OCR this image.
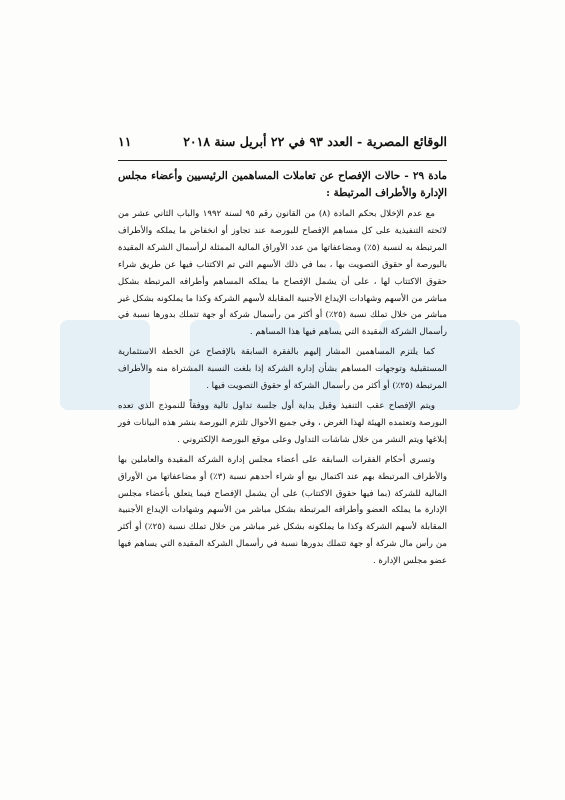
الوقائع المصرية - العدد ٩٣ في ٢٢ أبريل سنة ٢٠١٨
١١
مادة ٢٩ - حالات الإفصاح عن تعاملات المساهمين الرئيسيين وأعضاء مجلس الإدارة والأطراف المرتبطة :

مع عدم الإخلال بحكم المادة (٨) من القانون رقم ٩٥ لسنة ١٩٩٢ والباب الثاني عشر من لائحته التنفيذية على كل مساهم الإفصاح للبورصة عند تجاوز أو انخفاض ما يملكه والأطراف المرتبطة به لنسبة (٥٪) ومضاعفاتها من عدد الأوراق المالية الممثلة لرأسمال الشركة المقيدة بالبورصة أو حقوق التصويت بها ، بما في ذلك الأسهم التي تم الاكتتاب فيها عن طريق شراء حقوق الاكتتاب لها ، على أن يشمل الإفصاح ما يملكه المساهم وأطرافه المرتبطة بشكل مباشر من الأسهم وشهادات الإيداع الأجنبية المقابلة لأسهم الشركة وكذا ما يملكونه بشكل غير مباشر من خلال تملك نسبة (٢٥٪) أو أكثر من رأسمال شركة أو جهة تتملك بدورها نسبة في رأسمال الشركة المقيدة التي يساهم فيها هذا المساهم .

كما يلتزم المساهمين المشار إليهم بالفقرة السابقة بالإفصاح عن الخطة الاستثمارية المستقبلية وتوجهات المساهم بشأن إدارة الشركة إذا بلغت النسبة المشتراة منه والأطراف المرتبطة (٢٥٪) أو أكثر من رأسمال الشركة أو حقوق التصويت فيها .

ويتم الإفصاح عقب التنفيذ وقبل بداية أول جلسة تداول تالية ووفقاً للنموذج الذي تعده البورصة وتعتمده الهيئة لهذا الغرض ، وفي جميع الأحوال تلتزم البورصة بنشر هذه البيانات فور إبلاغها ويتم النشر من خلال شاشات التداول وعلى موقع البورصة الإلكتروني .

وتسري أحكام الفقرات السابقة على أعضاء مجلس إدارة الشركة المقيدة والعاملين بها والأطراف المرتبطة بهم عند اكتمال بيع أو شراء أحدهم نسبة (٣٪) أو مضاعفاتها من الأوراق المالية للشركة (بما فيها حقوق الاكتتاب) على أن يشمل الإفصاح فيما يتعلق بأعضاء مجلس الإدارة ما يملكه العضو وأطرافه المرتبطة بشكل مباشر من الأسهم وشهادات الإيداع الأجنبية المقابلة لأسهم الشركة وكذا ما يملكونه بشكل غير مباشر من خلال تملك نسبة (٢٥٪) أو أكثر من رأس مال شركة أو جهة تتملك بدورها نسبة في رأسمال الشركة المقيدة التي يساهم فيها عضو مجلس الإدارة .
